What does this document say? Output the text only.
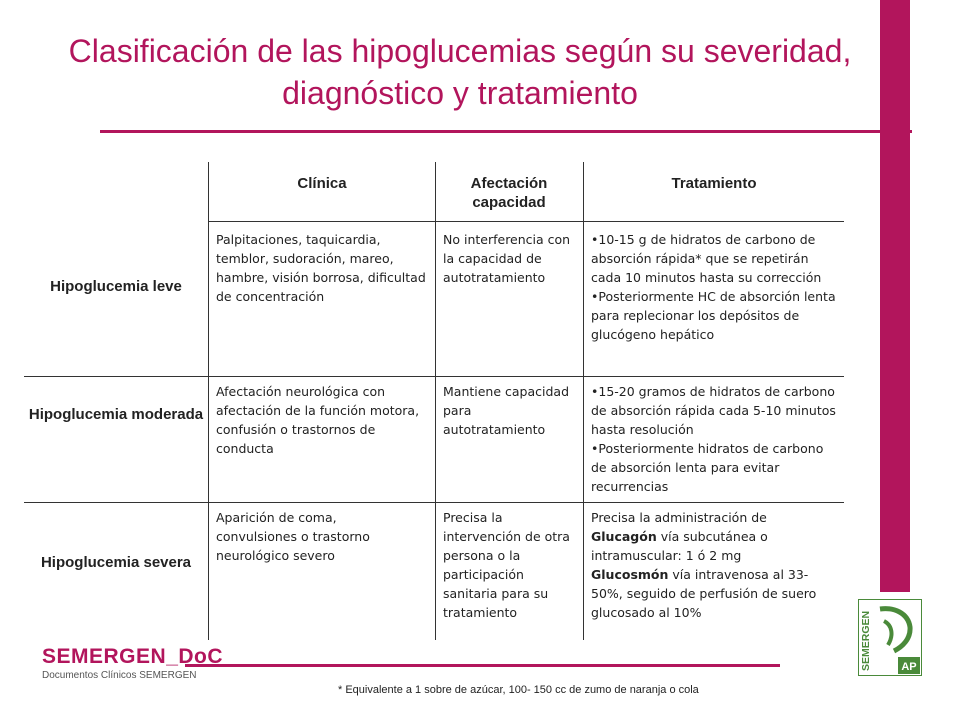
Clasificación de las hipoglucemias según su severidad, diagnóstico y tratamiento
Clínica	Afectación capacidad
Tratamiento
Hipoglucemia leve
Palpitaciones, taquicardia, temblor, sudoración, mareo, hambre, visión borrosa, dificultad de concentración
No interferencia con la capacidad de autotratamiento

• 10-15 g de hidratos de carbono de absorción rápida* que se repetirán cada 10 minutos hasta su corrección

• Posteriormente HC de absorción lenta para replecionar los depósitos de glucógeno hepático

Hipoglucemia moderada
Afectación neurológica con afectación de la función motora, confusión o trastornos de conducta
Mantiene capacidad para autotratamiento

• 15-20 gramos de hidratos de carbono de absorción rápida cada 5-10 minutos hasta resolución

• Posteriormente hidratos de carbono de absorción lenta para evitar recurrencias

Hipoglucemia severa
Aparición de coma, convulsiones o trastorno neurológico severo
Precisa la intervención de otra persona o la participación sanitaria para su tratamiento
Precisa la administración de
Glucagón vía subcutánea o intramuscular: 1 ó 2 mg
Glucosmón vía intravenosa al 33-50%, seguido de perfusión de suero glucosado al 10%
SEMERGEN_DoC
Documentos Clínicos SEMERGEN
* Equivalente a 1 sobre de azúcar, 100- 150 cc de zumo de naranja o cola
SEMERGEN	AP
